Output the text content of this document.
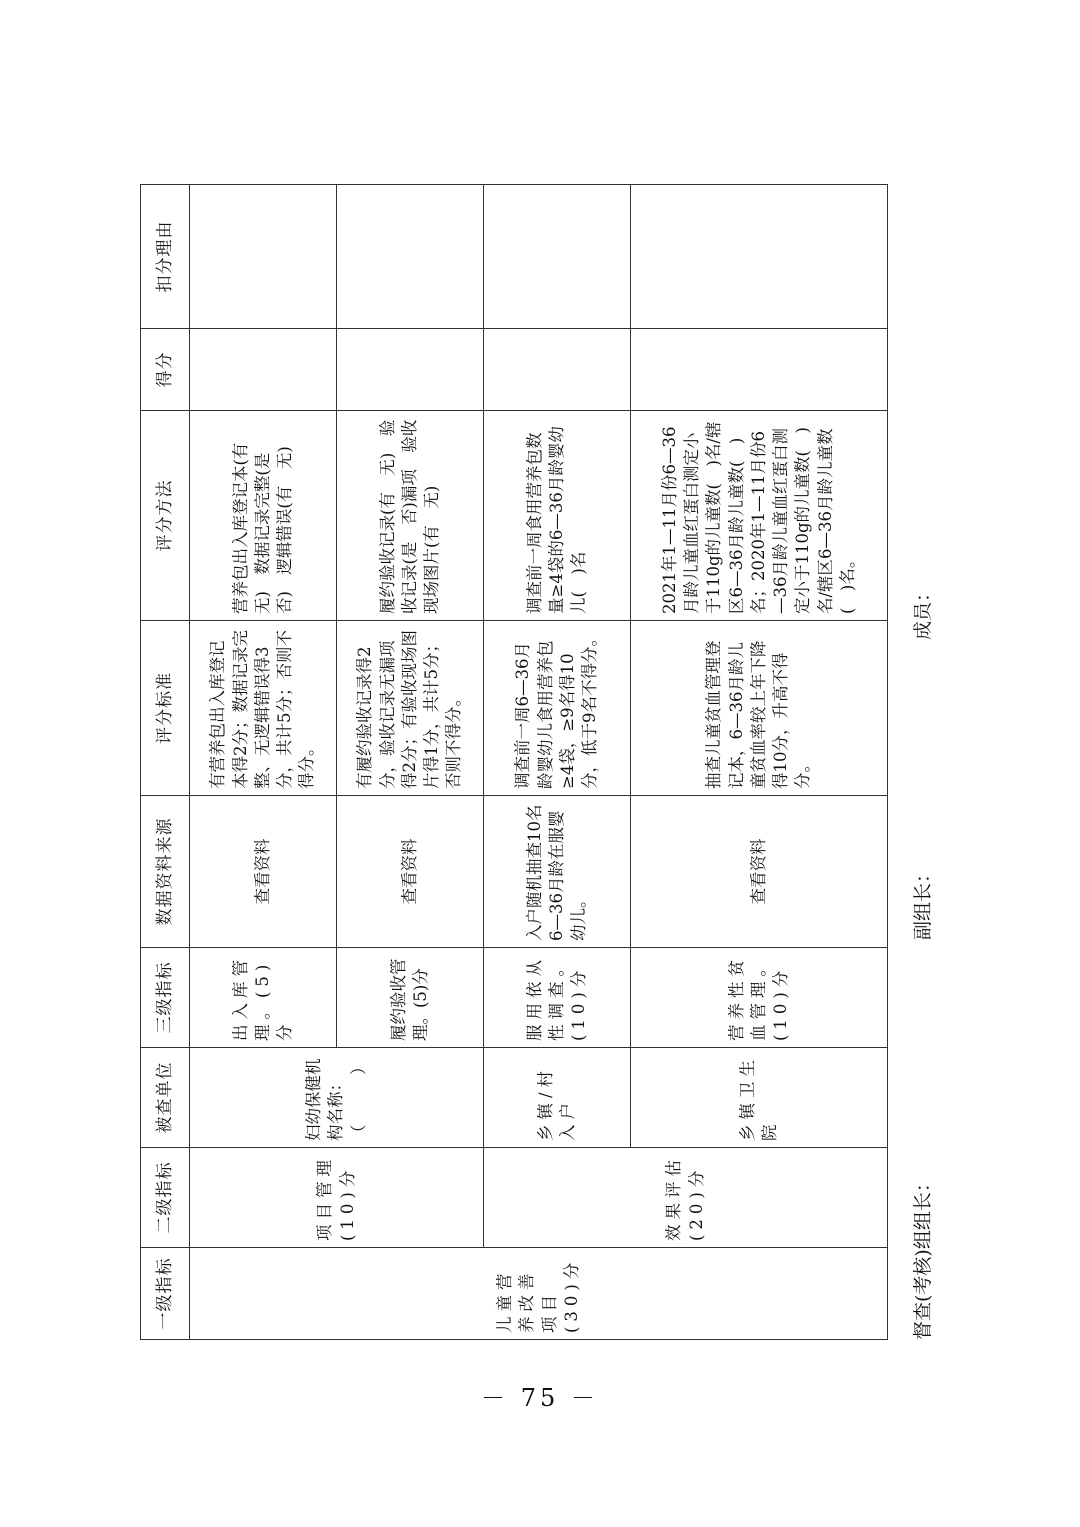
一级指标	二级指标	被查单位	三级指标	数据资料来源	评分标准	评分方法	得分	扣分理由
儿童营养改善项目(30)分	项目管理(10)分	妇幼保健机构名称：（　　　）	出入库管理。(5)分	查看资料	有营养包出入库登记本得2分；数据记录完整、无逻辑错误得3分，共计5分；否则不得分。	营养包出入库登记本(有　无)　数据记录完整(是　否)　逻辑错误(有　无)		
			履约验收管理。(5)分	查看资料	有履约验收记录得2分，验收记录无漏项得2分；有验收现场图片得1分，共计5分；否则不得分。	履约验收记录(有　无)　验收记录(是　否)漏项　验收现场图片(有　无)		
	效果评估(20)分	乡镇/村入户	服用依从性调查。(10)分	入户随机抽查10名6—36月龄在服婴幼儿。	调查前一周6—36月龄婴幼儿食用营养包≥4袋，≥9名得10分，低于9名不得分。	调查前一周食用营养包数量≥4袋的6—36月龄婴幼儿(　)名		
		乡镇卫生院	营养性贫血管理。(10)分	查看资料	抽查儿童贫血管理登记本，6—36月龄儿童贫血率较上年下降得10分，升高不得分。	2021年1—11月份6—36月龄儿童血红蛋白测定小于110g的儿童数(　)名/辖区6—36月龄儿童数(　)名；2020年1—11月份6—36月龄儿童血红蛋白测定小于110g的儿童数(　)名/辖区6—36月龄儿童数(　)名。		
督查(考核)组组长：
副组长：
成员：
－ 75 －
